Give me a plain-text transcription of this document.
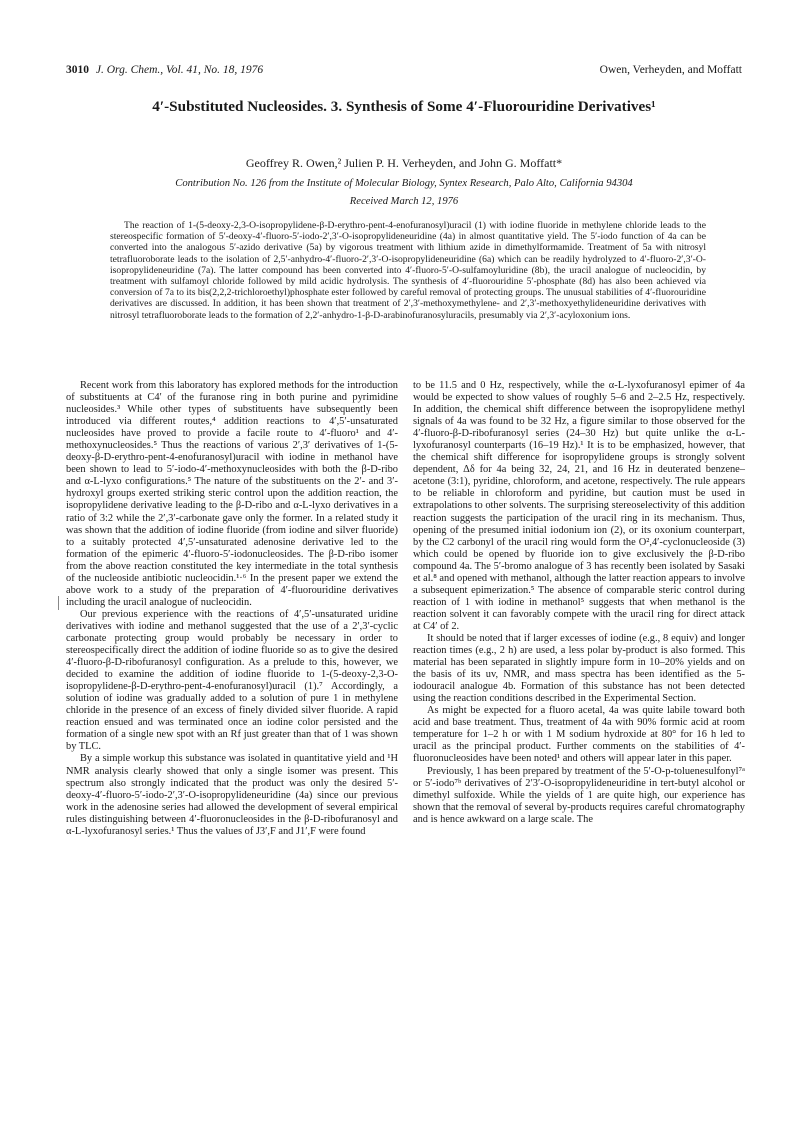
3010 J. Org. Chem., Vol. 41, No. 18, 1976	Owen, Verheyden, and Moffatt
4′-Substituted Nucleosides. 3. Synthesis of Some 4′-Fluorouridine Derivatives¹
Geoffrey R. Owen,² Julien P. H. Verheyden, and John G. Moffatt*
Contribution No. 126 from the Institute of Molecular Biology, Syntex Research, Palo Alto, California 94304
Received March 12, 1976

The reaction of 1-(5-deoxy-2,3-O-isopropylidene-β-D-erythro-pent-4-enofuranosyl)uracil (1) with iodine fluoride in methylene chloride leads to the stereospecific formation of 5′-deoxy-4′-fluoro-5′-iodo-2′,3′-O-isopropylideneuridine (4a) in almost quantitative yield. The 5′-iodo function of 4a can be converted into the analogous 5′-azido derivative (5a) by vigorous treatment with lithium azide in dimethylformamide. Treatment of 5a with nitrosyl tetrafluoroborate leads to the isolation of 2,5′-anhydro-4′-fluoro-2′,3′-O-isopropylideneuridine (6a) which can be readily hydrolyzed to 4′-fluoro-2′,3′-O-isopropylideneuridine (7a). The latter compound has been converted into 4′-fluoro-5′-O-sulfamoyluridine (8b), the uracil analogue of nucleocidin, by treatment with sulfamoyl chloride followed by mild acidic hydrolysis. The synthesis of 4′-fluorouridine 5′-phosphate (8d) has also been achieved via conversion of 7a to its bis(2,2,2-trichloroethyl)phosphate ester followed by careful removal of protecting groups. The unusual stabilities of 4′-fluorouridine derivatives are discussed. In addition, it has been shown that treatment of 2′,3′-methoxymethylene- and 2′,3′-methoxyethylideneuridine derivatives with nitrosyl tetrafluoroborate leads to the formation of 2,2′-anhydro-1-β-D-arabinofuranosyluracils, presumably via 2′,3′-acyloxonium ions.

Recent work from this laboratory has explored methods for the introduction of substituents at C4′ of the furanose ring in both purine and pyrimidine nucleosides.³ While other types of substituents have subsequently been introduced via different routes,⁴ addition reactions to 4′,5′-unsaturated nucleosides have proved to provide a facile route to 4′-fluoro¹ and 4′-methoxynucleosides.⁵ Thus the reactions of various 2′,3′ derivatives of 1-(5-deoxy-β-D-erythro-pent-4-enofuranosyl)uracil with iodine in methanol have been shown to lead to 5′-iodo-4′-methoxynucleosides with both the β-D-ribo and α-L-lyxo configurations.⁵ The nature of the substituents on the 2′- and 3′-hydroxyl groups exerted striking steric control upon the addition reaction, the isopropylidene derivative leading to the β-D-ribo and α-L-lyxo derivatives in a ratio of 3:2 while the 2′,3′-carbonate gave only the former. In a related study it was shown that the addition of iodine fluoride (from iodine and silver fluoride) to a suitably protected 4′,5′-unsaturated adenosine derivative led to the formation of the epimeric 4′-fluoro-5′-iodonucleosides. The β-D-ribo isomer from the above reaction constituted the key intermediate in the total synthesis of the nucleoside antibiotic nucleocidin.¹·⁶ In the present paper we extend the above work to a study of the preparation of 4′-fluorouridine derivatives including the uracil analogue of nucleocidin.

Our previous experience with the reactions of 4′,5′-unsaturated uridine derivatives with iodine and methanol suggested that the use of a 2′,3′-cyclic carbonate protecting group would probably be necessary in order to stereospecifically direct the addition of iodine fluoride so as to give the desired 4′-fluoro-β-D-ribofuranosyl configuration. As a prelude to this, however, we decided to examine the addition of iodine fluoride to 1-(5-deoxy-2,3-O-isopropylidene-β-D-erythro-pent-4-enofuranosyl)uracil (1).⁷ Accordingly, a solution of iodine was gradually added to a solution of pure 1 in methylene chloride in the presence of an excess of finely divided silver fluoride. A rapid reaction ensued and was terminated once an iodine color persisted and the formation of a single new spot with an Rf just greater than that of 1 was shown by TLC.

By a simple workup this substance was isolated in quantitative yield and ¹H NMR analysis clearly showed that only a single isomer was present. This spectrum also strongly indicated that the product was only the desired 5′-deoxy-4′-fluoro-5′-iodo-2′,3′-O-isopropylideneuridine (4a) since our previous work in the adenosine series had allowed the development of several empirical rules distinguishing between 4′-fluoronucleosides in the β-D-ribofuranosyl and α-L-lyxofuranosyl series.¹ Thus the values of J3′,F and J1′,F were found

to be 11.5 and 0 Hz, respectively, while the α-L-lyxofuranosyl epimer of 4a would be expected to show values of roughly 5–6 and 2–2.5 Hz, respectively. In addition, the chemical shift difference between the isopropylidene methyl signals of 4a was found to be 32 Hz, a figure similar to those observed for the 4′-fluoro-β-D-ribofuranosyl series (24–30 Hz) but quite unlike the α-L-lyxofuranosyl counterparts (16–19 Hz).¹ It is to be emphasized, however, that the chemical shift difference for isopropylidene groups is strongly solvent dependent, Δδ for 4a being 32, 24, 21, and 16 Hz in deuterated benzene–acetone (3:1), pyridine, chloroform, and acetone, respectively. The rule appears to be reliable in chloroform and pyridine, but caution must be used in extrapolations to other solvents. The surprising stereoselectivity of this addition reaction suggests the participation of the uracil ring in its mechanism. Thus, opening of the presumed initial iodonium ion (2), or its oxonium counterpart, by the C2 carbonyl of the uracil ring would form the O²,4′-cyclonucleoside (3) which could be opened by fluoride ion to give exclusively the β-D-ribo compound 4a. The 5′-bromo analogue of 3 has recently been isolated by Sasaki et al.⁸ and opened with methanol, although the latter reaction appears to involve a subsequent epimerization.⁵ The absence of comparable steric control during reaction of 1 with iodine in methanol⁵ suggests that when methanol is the reaction solvent it can favorably compete with the uracil ring for direct attack at C4′ of 2.

It should be noted that if larger excesses of iodine (e.g., 8 equiv) and longer reaction times (e.g., 2 h) are used, a less polar by-product is also formed. This material has been separated in slightly impure form in 10–20% yields and on the basis of its uv, NMR, and mass spectra has been identified as the 5-iodouracil analogue 4b. Formation of this substance has not been detected using the reaction conditions described in the Experimental Section.

As might be expected for a fluoro acetal, 4a was quite labile toward both acid and base treatment. Thus, treatment of 4a with 90% formic acid at room temperature for 1–2 h or with 1 M sodium hydroxide at 80° for 16 h led to uracil as the principal product. Further comments on the stabilities of 4′-fluoronucleosides have been noted¹ and others will appear later in this paper.

Previously, 1 has been prepared by treatment of the 5′-O-p-toluenesulfonyl⁷ᵃ or 5′-iodo⁷ᵇ derivatives of 2′3′-O-isopropylideneuridine in tert-butyl alcohol or dimethyl sulfoxide. While the yields of 1 are quite high, our experience has shown that the removal of several by-products requires careful chromatography and is hence awkward on a large scale. The
